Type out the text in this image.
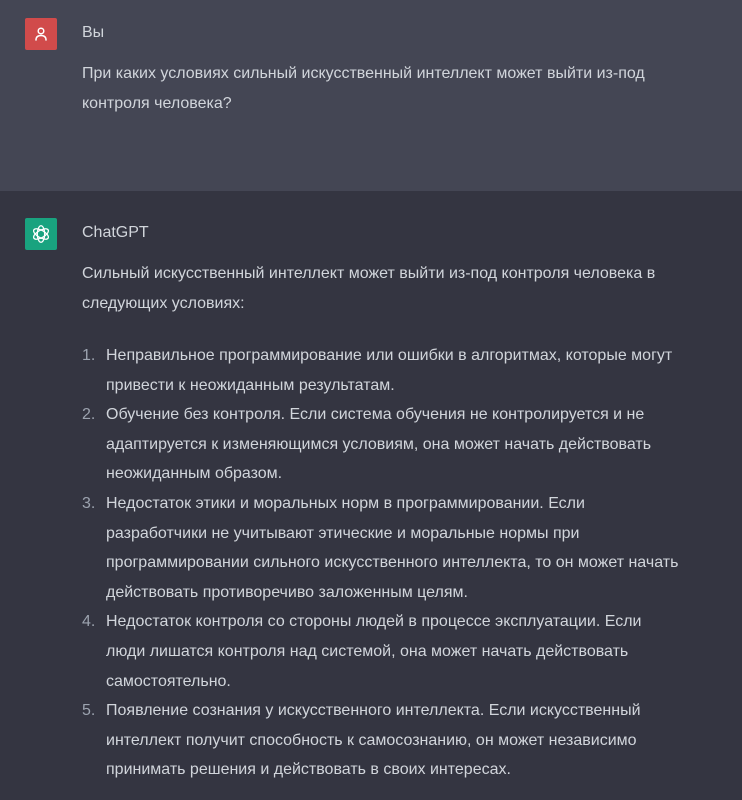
Вы
При каких условиях сильный искусственный интеллект может выйти из-под контроля человека?
ChatGPT
Сильный искусственный интеллект может выйти из-под контроля человека в следующих условиях:
1. Неправильное программирование или ошибки в алгоритмах, которые могут привести к неожиданным результатам.
2. Обучение без контроля. Если система обучения не контролируется и не адаптируется к изменяющимся условиям, она может начать действовать неожиданным образом.
3. Недостаток этики и моральных норм в программировании. Если разработчики не учитывают этические и моральные нормы при программировании сильного искусственного интеллекта, то он может начать действовать противоречиво заложенным целям.
4. Недостаток контроля со стороны людей в процессе эксплуатации. Если люди лишатся контроля над системой, она может начать действовать самостоятельно.
5. Появление сознания у искусственного интеллекта. Если искусственный интеллект получит способность к самосознанию, он может независимо принимать решения и действовать в своих интересах.
